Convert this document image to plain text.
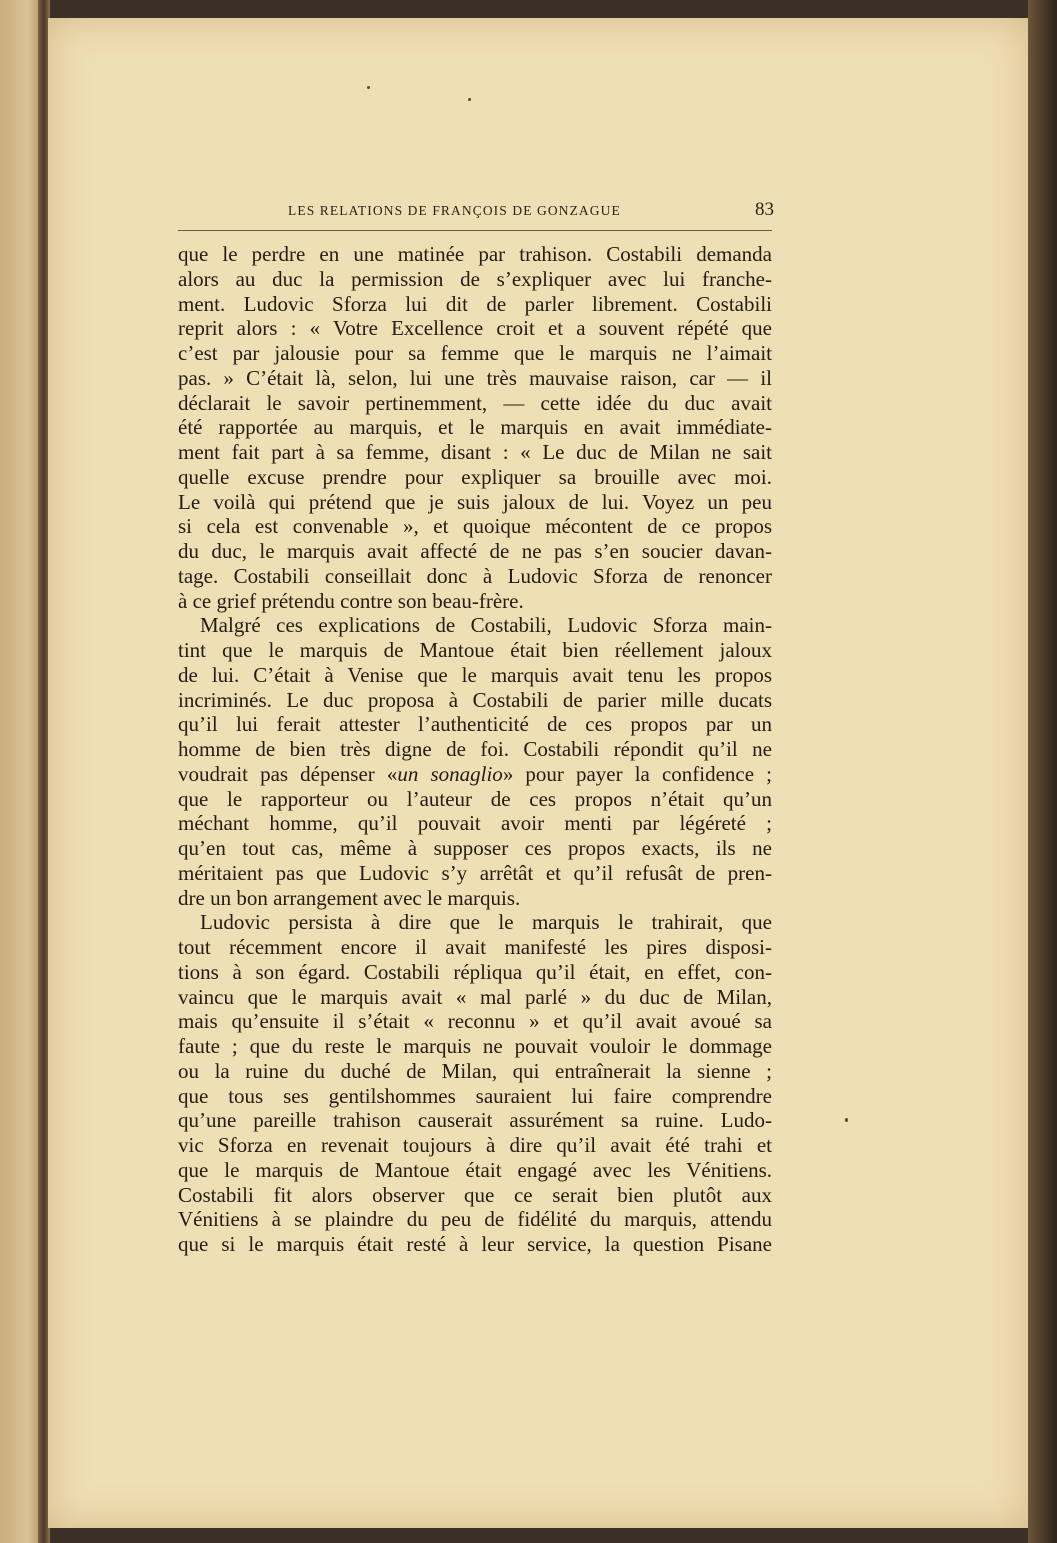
LES RELATIONS DE FRANÇOIS DE GONZAGUE	83
que le perdre en une matinée par trahison. Costabili demanda
alors au duc la permission de s’expliquer avec lui franche-
ment. Ludovic Sforza lui dit de parler librement. Costabili
reprit alors : « Votre Excellence croit et a souvent répété que
c’est par jalousie pour sa femme que le marquis ne l’aimait
pas. » C’était là, selon, lui une très mauvaise raison, car — il
déclarait le savoir pertinemment, — cette idée du duc avait
été rapportée au marquis, et le marquis en avait immédiate-
ment fait part à sa femme, disant : « Le duc de Milan ne sait
quelle excuse prendre pour expliquer sa brouille avec moi.
Le voilà qui prétend que je suis jaloux de lui. Voyez un peu
si cela est convenable », et quoique mécontent de ce propos
du duc, le marquis avait affecté de ne pas s’en soucier davan-
tage. Costabili conseillait donc à Ludovic Sforza de renoncer
à ce grief prétendu contre son beau-frère.
Malgré ces explications de Costabili, Ludovic Sforza main-
tint que le marquis de Mantoue était bien réellement jaloux
de lui. C’était à Venise que le marquis avait tenu les propos
incriminés. Le duc proposa à Costabili de parier mille ducats
qu’il lui ferait attester l’authenticité de ces propos par un
homme de bien très digne de foi. Costabili répondit qu’il ne
voudrait pas dépenser «un sonaglio» pour payer la confidence ;
que le rapporteur ou l’auteur de ces propos n’était qu’un
méchant homme, qu’il pouvait avoir menti par légéreté ;
qu’en tout cas, même à supposer ces propos exacts, ils ne
méritaient pas que Ludovic s’y arrêtât et qu’il refusât de pren-
dre un bon arrangement avec le marquis.
Ludovic persista à dire que le marquis le trahirait, que
tout récemment encore il avait manifesté les pires disposi-
tions à son égard. Costabili répliqua qu’il était, en effet, con-
vaincu que le marquis avait « mal parlé » du duc de Milan,
mais qu’ensuite il s’était « reconnu » et qu’il avait avoué sa
faute ; que du reste le marquis ne pouvait vouloir le dommage
ou la ruine du duché de Milan, qui entraînerait la sienne ;
que tous ses gentilshommes sauraient lui faire comprendre
qu’une pareille trahison causerait assurément sa ruine. Ludo-
vic Sforza en revenait toujours à dire qu’il avait été trahi et
que le marquis de Mantoue était engagé avec les Vénitiens.
Costabili fit alors observer que ce serait bien plutôt aux
Vénitiens à se plaindre du peu de fidélité du marquis, attendu
que si le marquis était resté à leur service, la question Pisane
